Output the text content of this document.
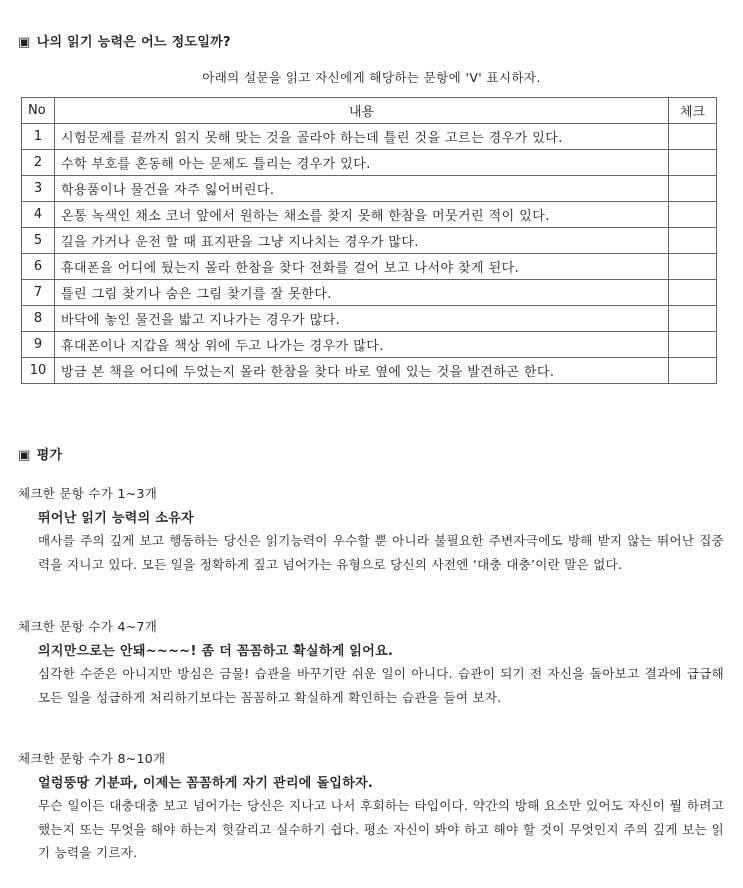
▣ 나의 읽기 능력은 어느 정도일까?
아래의 설문을 읽고 자신에게 해당하는 문항에 'V' 표시하자.
No	내용	체크
1	시험문제를 끝까지 읽지 못해 맞는 것을 골라야 하는데 틀린 것을 고르는 경우가 있다.	
2	수학 부호를 혼동해 아는 문제도 틀리는 경우가 있다.	
3	학용품이나 물건을 자주 잃어버린다.	
4	온통 녹색인 채소 코너 앞에서 원하는 채소를 찾지 못해 한참을 머뭇거린 적이 있다.	
5	길을 가거나 운전 할 때 표지판을 그냥 지나치는 경우가 많다.	
6	휴대폰을 어디에 뒀는지 몰라 한참을 찾다 전화를 걸어 보고 나서야 찾게 된다.	
7	틀린 그림 찾기나 숨은 그림 찾기를 잘 못한다.	
8	바닥에 놓인 물건을 밟고 지나가는 경우가 많다.	
9	휴대폰이나 지갑을 책상 위에 두고 나가는 경우가 많다.	
10	방금 본 책을 어디에 두었는지 몰라 한참을 찾다 바로 옆에 있는 것을 발견하곤 한다.	
▣ 평가
체크한 문항 수가 1~3개
뛰어난 읽기 능력의 소유자
매사를 주의 깊게 보고 행동하는 당신은 읽기능력이 우수할 뿐 아니라 불필요한 주변자극에도 방해 받지 않는 뛰어난 집중력을 지니고 있다. 모든 일을 정확하게 짚고 넘어가는 유형으로 당신의 사전엔 ‘대충 대충’이란 말은 없다.
체크한 문항 수가 4~7개
의지만으로는 안돼~~~~! 좀 더 꼼꼼하고 확실하게 읽어요.
심각한 수준은 아니지만 방심은 금물! 습관을 바꾸기란 쉬운 일이 아니다. 습관이 되기 전 자신을 돌아보고 결과에 급급해 모든 일을 성급하게 처리하기보다는 꼼꼼하고 확실하게 확인하는 습관을 들여 보자.
체크한 문항 수가 8~10개
얼렁뚱땅 기분파, 이제는 꼼꼼하게 자기 관리에 돌입하자.
무슨 일이든 대충대충 보고 넘어가는 당신은 지나고 나서 후회하는 타입이다. 약간의 방해 요소만 있어도 자신이 뭘 하려고 했는지 또는 무엇을 해야 하는지 헛갈리고 실수하기 쉽다. 평소 자신이 봐야 하고 해야 할 것이 무엇인지 주의 깊게 보는 읽기 능력을 기르자.
